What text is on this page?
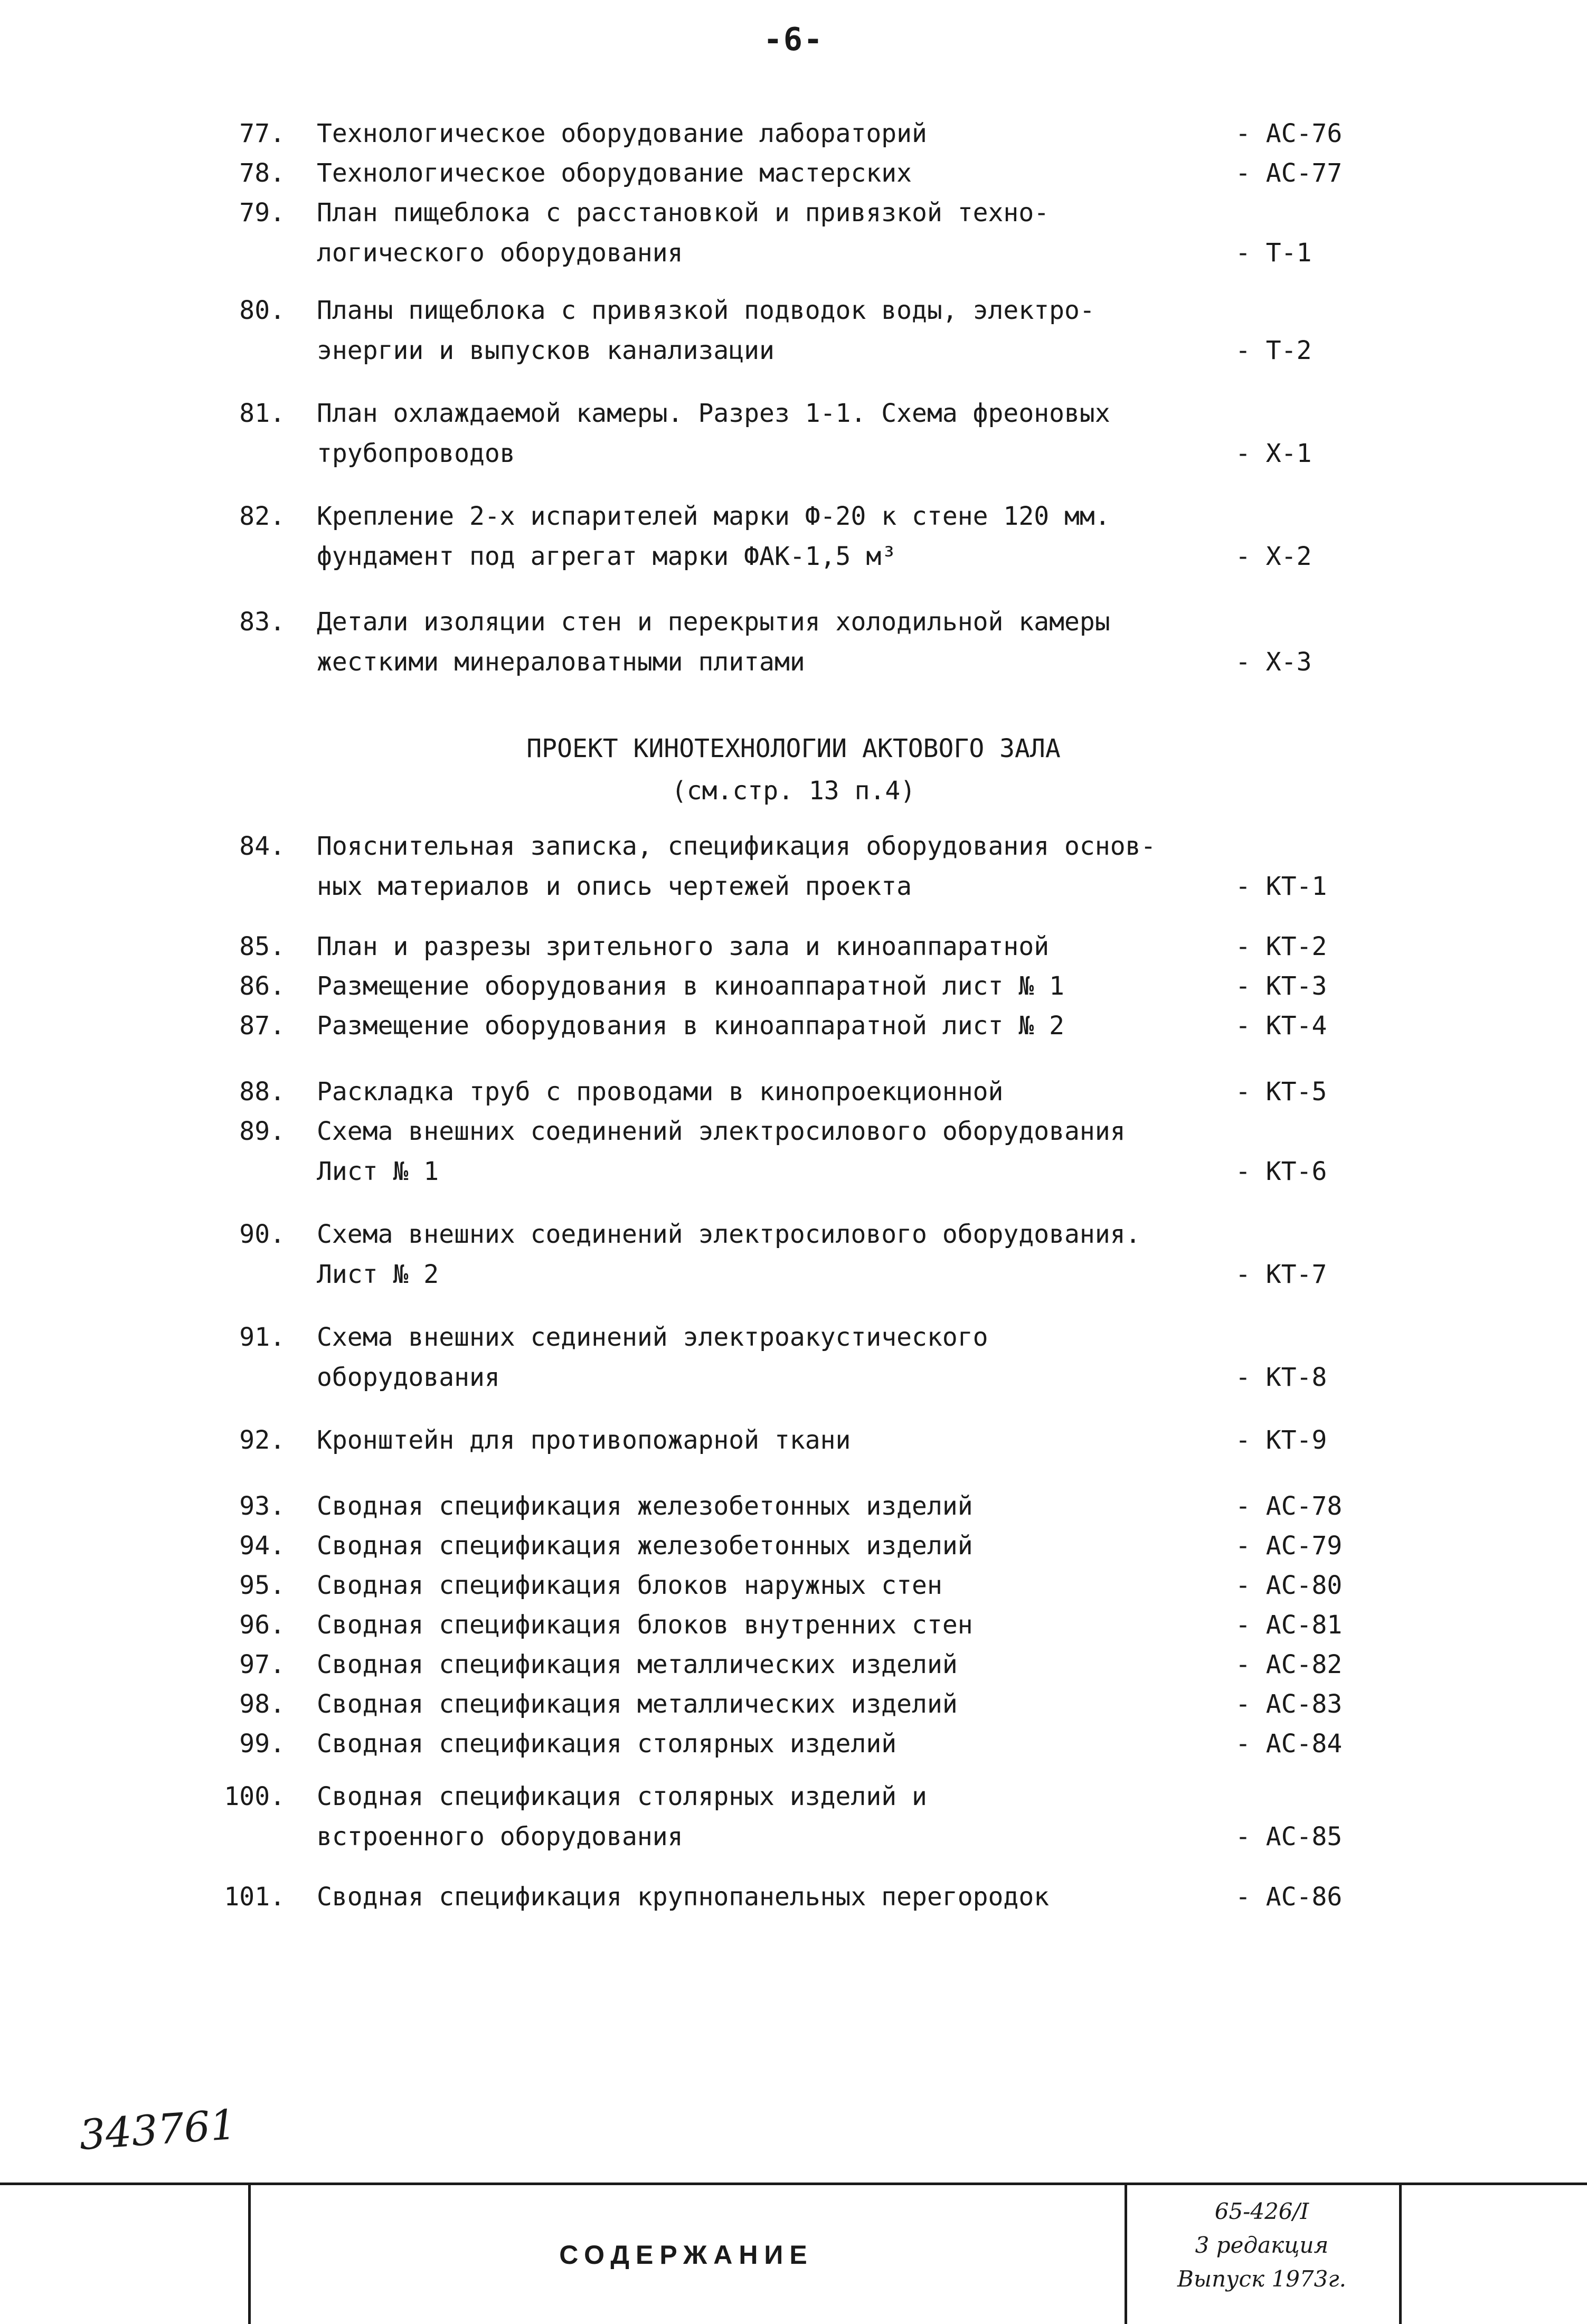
-6-
77. Технологическое оборудование лабораторий	- АС-76
78. Технологическое оборудование мастерских	- АС-77
79. План пищеблока с расстановкой и привязкой техно-
логического оборудования	- Т-1
80. Планы пищеблока с привязкой подводок воды, электро-
энергии и выпусков канализации	- Т-2
81. План охлаждаемой камеры. Разрез 1-1. Схема фреоновых
трубопроводов	- Х-1
82. Крепление 2-х испарителей марки Ф-20 к стене 120 мм.
фундамент под агрегат марки ФАК-1,5 м³	- Х-2
83. Детали изоляции стен и перекрытия холодильной камеры
жесткими минераловатными плитами	- Х-3
84. Пояснительная записка, спецификация оборудования основ-
ных материалов и опись чертежей проекта	- КТ-1
85. План и разрезы зрительного зала и киноаппаратной	- КТ-2
86. Размещение оборудования в киноаппаратной лист № 1	- КТ-3
87. Размещение оборудования в киноаппаратной лист № 2	- КТ-4
88. Раскладка труб с проводами в кинопроекционной	- КТ-5
89. Схема внешних соединений электросилового оборудования
Лист № 1	- КТ-6
90. Схема внешних соединений электросилового оборудования.
Лист № 2	- КТ-7
91. Схема внешних сединений электроакустического
оборудования	- КТ-8
92. Кронштейн для противопожарной ткани	- КТ-9
93. Сводная спецификация железобетонных изделий	- АС-78
94. Сводная спецификация железобетонных изделий	- АС-79
95. Сводная спецификация блоков наружных стен	- АС-80
96. Сводная спецификация блоков внутренних стен	- АС-81
97. Сводная спецификация металлических изделий	- АС-82
98. Сводная спецификация металлических изделий	- АС-83
99. Сводная спецификация столярных изделий	- АС-84
100. Сводная спецификация столярных изделий и
встроенного оборудования	- АС-85
101. Сводная спецификация крупнопанельных перегородок	- АС-86
ПРОЕКТ КИНОТЕХНОЛОГИИ АКТОВОГО ЗАЛА
(см.стр. 13 п.4)
343761
СОДЕРЖАНИЕ
65-426/I
3 редакция
Выпуск 1973г.
